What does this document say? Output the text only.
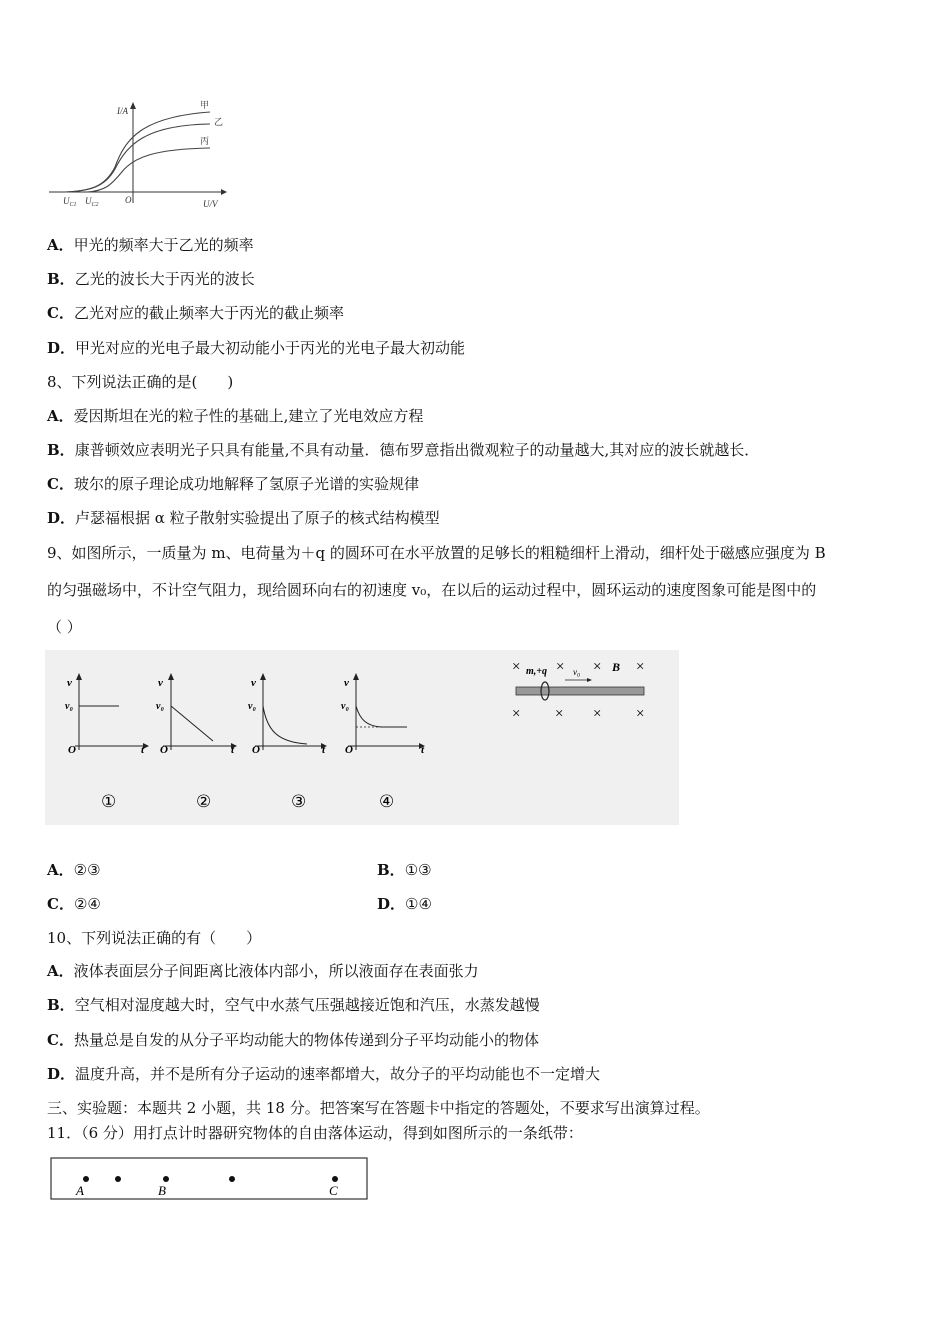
I/A
甲
乙
丙
O
$U_{C1}$ $U_{C2}$	U/V
A．甲光的频率大于乙光的频率
B．乙光的波长大于丙光的波长
C．乙光对应的截止频率大于丙光的截止频率
D．甲光对应的光电子最大初动能小于丙光的光电子最大初动能
8、下列说法正确的是(　　)
A．爱因斯坦在光的粒子性的基础上,建立了光电效应方程
B．康普顿效应表明光子只具有能量,不具有动量．德布罗意指出微观粒子的动量越大,其对应的波长就越长．
C．玻尔的原子理论成功地解释了氢原子光谱的实验规律
D．卢瑟福根据 α 粒子散射实验提出了原子的核式结构模型
9、如图所示，一质量为 m、电荷量为＋q 的圆环可在水平放置的足够长的粗糙细杆上滑动，细杆处于磁感应强度为 B
的匀强磁场中，不计空气阻力，现给圆环向右的初速度 v₀，在以后的运动过程中，圆环运动的速度图象可能是图中的
（ ）
v
v₀
O	t
v
v₀
O	t
v
v₀
O	t
v
v₀
O	t
①	②	③	④
× m,+q × v₀ × B ×
× × × ×
A．②③	B．①③
C．②④	D．①④
10、下列说法正确的有（　　）
A．液体表面层分子间距离比液体内部小，所以液面存在表面张力
B．空气相对湿度越大时，空气中水蒸气压强越接近饱和汽压，水蒸发越慢
C．热量总是自发的从分子平均动能大的物体传递到分子平均动能小的物体
D．温度升高，并不是所有分子运动的速率都增大，故分子的平均动能也不一定增大
三、实验题：本题共 2 小题，共 18 分。把答案写在答题卡中指定的答题处，不要求写出演算过程。
11．（6 分）用打点计时器研究物体的自由落体运动，得到如图所示的一条纸带：
A	B	C
